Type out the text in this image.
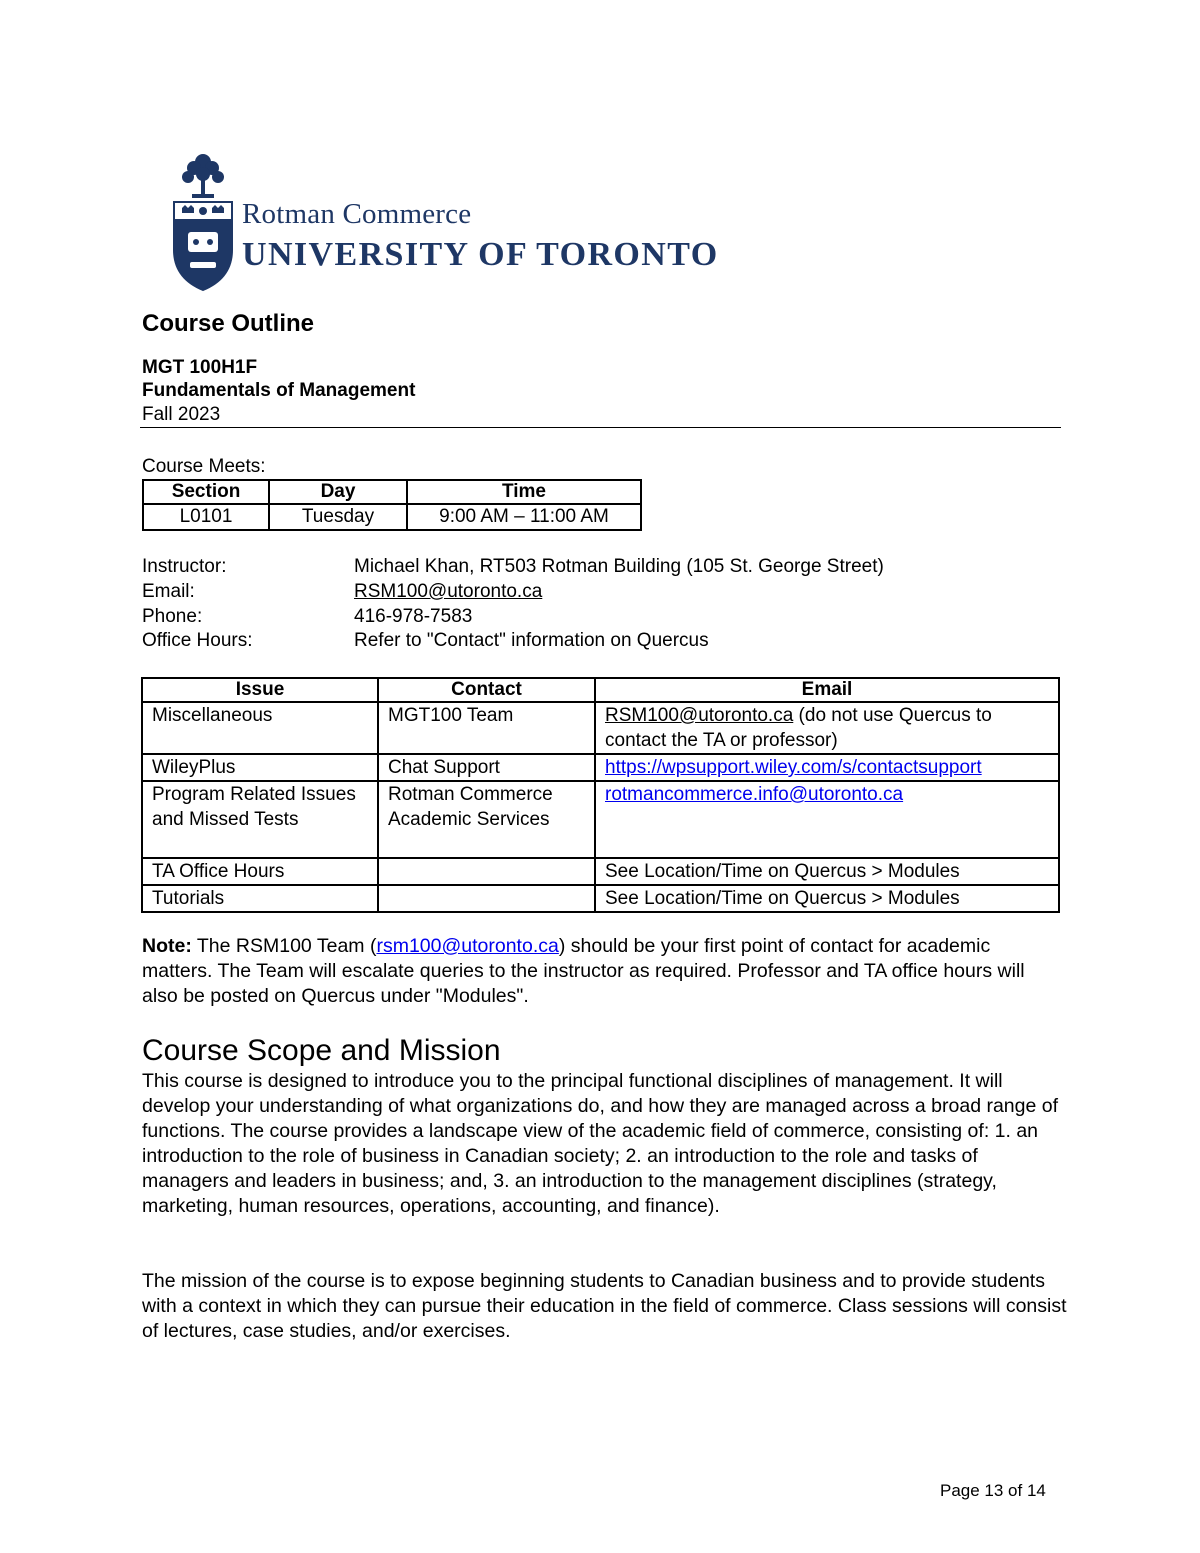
Rotman Commerce
UNIVERSITY OF TORONTO
Course Outline
MGT 100H1F
Fundamentals of Management
Fall 2023
Course Meets:
Section	Day	Time
L0101	Tuesday	9:00 AM – 11:00 AM
Instructor:	Michael Khan, RT503 Rotman Building (105 St. George Street)
Email:	RSM100@utoronto.ca
Phone:	416-978-7583
Office Hours:	Refer to "Contact" information on Quercus
Issue	Contact	Email
Miscellaneous	MGT100 Team	RSM100@utoronto.ca (do not use Quercus to contact the TA or professor)
WileyPlus	Chat Support	https://wpsupport.wiley.com/s/contactsupport
Program Related Issues and Missed Tests	Rotman Commerce Academic Services	rotmancommerce.info@utoronto.ca
TA Office Hours		See Location/Time on Quercus > Modules
Tutorials		See Location/Time on Quercus > Modules
Note: The RSM100 Team (rsm100@utoronto.ca) should be your first point of contact for academic matters. The Team will escalate queries to the instructor as required. Professor and TA office hours will also be posted on Quercus under "Modules".
Course Scope and Mission
This course is designed to introduce you to the principal functional disciplines of management. It will develop your understanding of what organizations do, and how they are managed across a broad range of functions. The course provides a landscape view of the academic field of commerce, consisting of: 1. an introduction to the role of business in Canadian society; 2. an introduction to the role and tasks of managers and leaders in business; and, 3. an introduction to the management disciplines (strategy, marketing, human resources, operations, accounting, and finance).
The mission of the course is to expose beginning students to Canadian business and to provide students with a context in which they can pursue their education in the field of commerce. Class sessions will consist of lectures, case studies, and/or exercises.
Page 13 of 14
